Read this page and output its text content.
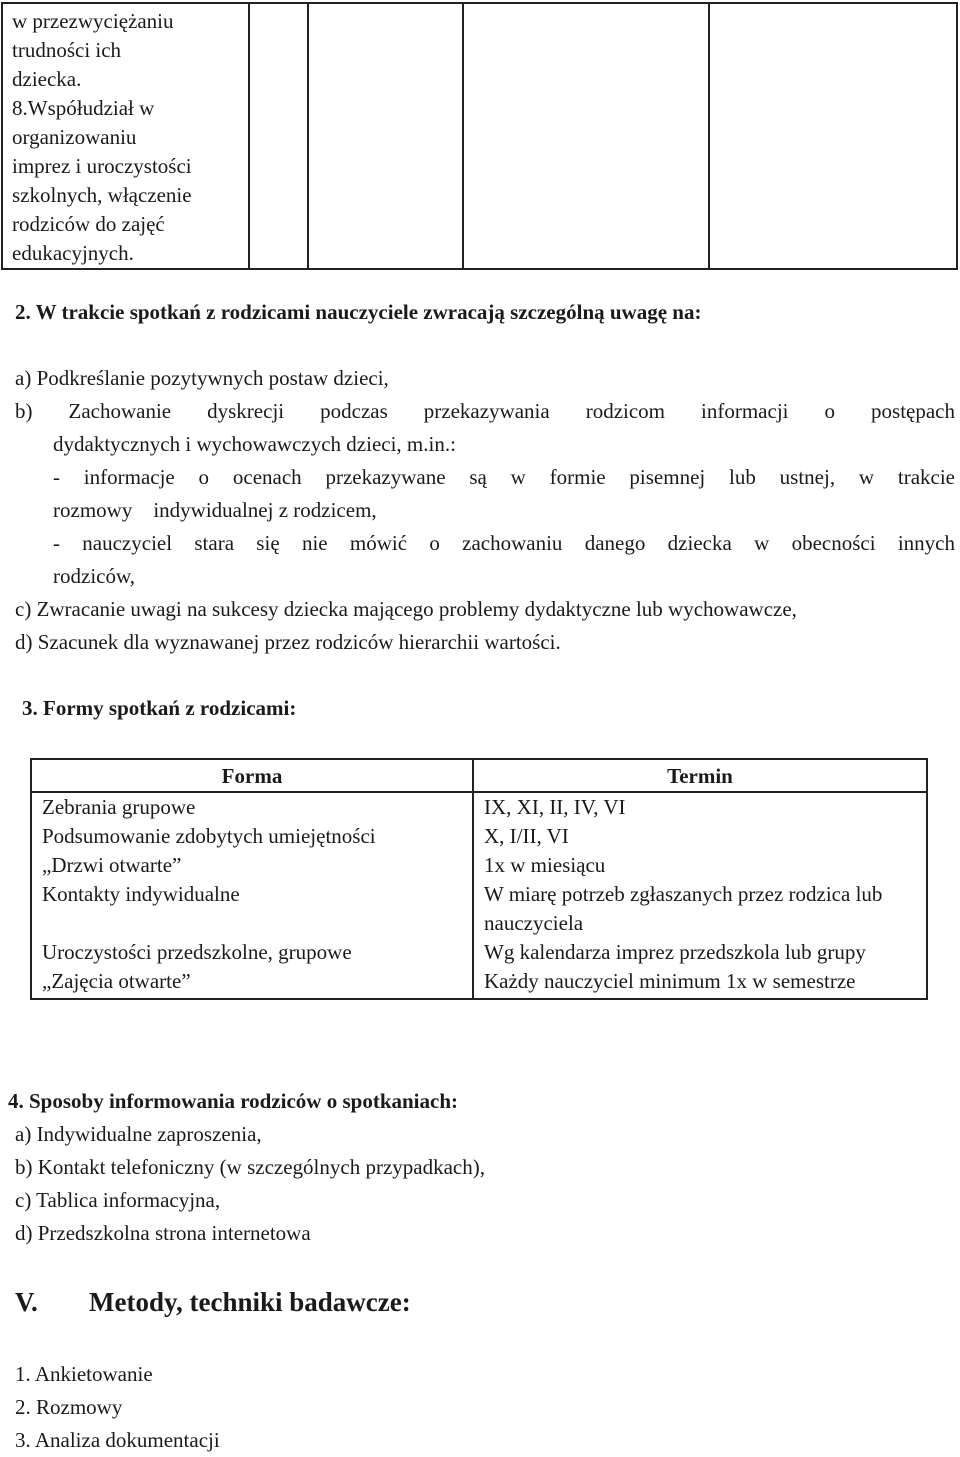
w przezwyciężaniu
trudności ich
dziecka.
8.Współudział w
organizowaniu
imprez i uroczystości
szkolnych, włączenie
rodziców do zajęć
edukacyjnych.

2. W trakcie spotkań z rodzicami nauczyciele zwracają szczególną uwagę na:
a) Podkreślanie pozytywnych postaw dzieci,
b) Zachowanie dyskrecji podczas przekazywania rodzicom informacji o postępach
dydaktycznych i wychowawczych dzieci, m.in.:
- informacje o ocenach przekazywane są w formie pisemnej lub ustnej, w trakcie
rozmowy    indywidualnej z rodzicem,
- nauczyciel stara się nie mówić o zachowaniu danego dziecka w obecności innych
rodziców,
c) Zwracanie uwagi na sukcesy dziecka mającego problemy dydaktyczne lub wychowawcze,
d) Szacunek dla wyznawanej przez rodziców hierarchii wartości.
3. Formy spotkań z rodzicami:
Forma	Termin
Zebrania grupowe	IX, XI, II, IV, VI
Podsumowanie zdobytych umiejętności	X, I/II, VI
„Drzwi otwarte”	1x w miesiącu
Kontakty indywidualne	W miarę potrzeb zgłaszanych przez rodzica lub nauczyciela
Uroczystości przedszkolne, grupowe	Wg kalendarza imprez przedszkola lub grupy
„Zajęcia otwarte”	Każdy nauczyciel minimum 1x w semestrze
4. Sposoby informowania rodziców o spotkaniach:
a) Indywidualne zaproszenia,
b) Kontakt telefoniczny (w szczególnych przypadkach),
c) Tablica informacyjna,
d) Przedszkolna strona internetowa
V. Metody, techniki badawcze:
1. Ankietowanie
2. Rozmowy
3. Analiza dokumentacji
